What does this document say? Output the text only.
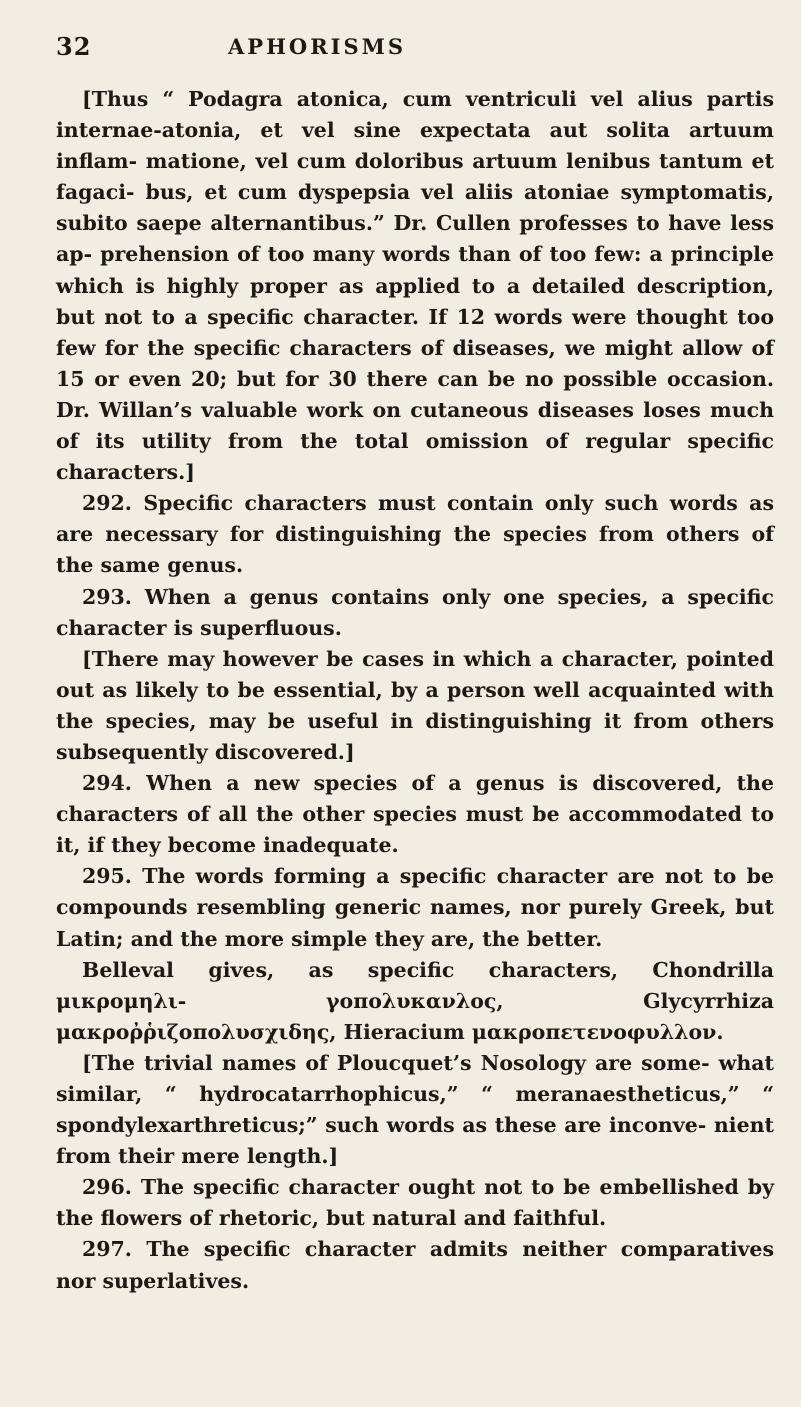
32	APHORISMS

[Thus “ Podagra atonica, cum ventriculi vel alius partis internae-atonia, et vel sine expectata aut solita artuum inflam- matione, vel cum doloribus artuum lenibus tantum et fagaci- bus, et cum dyspepsia vel aliis atoniae symptomatis, subito saepe alternantibus.” Dr. Cullen professes to have less ap- prehension of too many words than of too few: a principle which is highly proper as applied to a detailed description, but not to a specific character. If 12 words were thought too few for the specific characters of diseases, we might allow of 15 or even 20; but for 30 there can be no possible occasion. Dr. Willan’s valuable work on cutaneous diseases loses much of its utility from the total omission of regular specific characters.]

292. Specific characters must contain only such words as are necessary for distinguishing the species from others of the same genus.

293. When a genus contains only one species, a specific character is superfluous.

[There may however be cases in which a character, pointed out as likely to be essential, by a person well acquainted with the species, may be useful in distinguishing it from others subsequently discovered.]

294. When a new species of a genus is discovered, the characters of all the other species must be accommodated to it, if they become inadequate.

295. The words forming a specific character are not to be compounds resembling generic names, nor purely Greek, but Latin; and the more simple they are, the better.

Belleval gives, as specific characters, Chondrilla μικρομηλι- γοπολυκανλος, Glycyrrhiza μακροῤῥιζοπολυσχιδης, Hieracium μακροπετενοφυλλον.

[The trivial names of Ploucquet’s Nosology are some- what similar, “ hydrocatarrhophicus,” “ meranaestheticus,” “ spondylexarthreticus;” such words as these are inconve- nient from their mere length.]

296. The specific character ought not to be embellished by the flowers of rhetoric, but natural and faithful.

297. The specific character admits neither comparatives nor superlatives.
